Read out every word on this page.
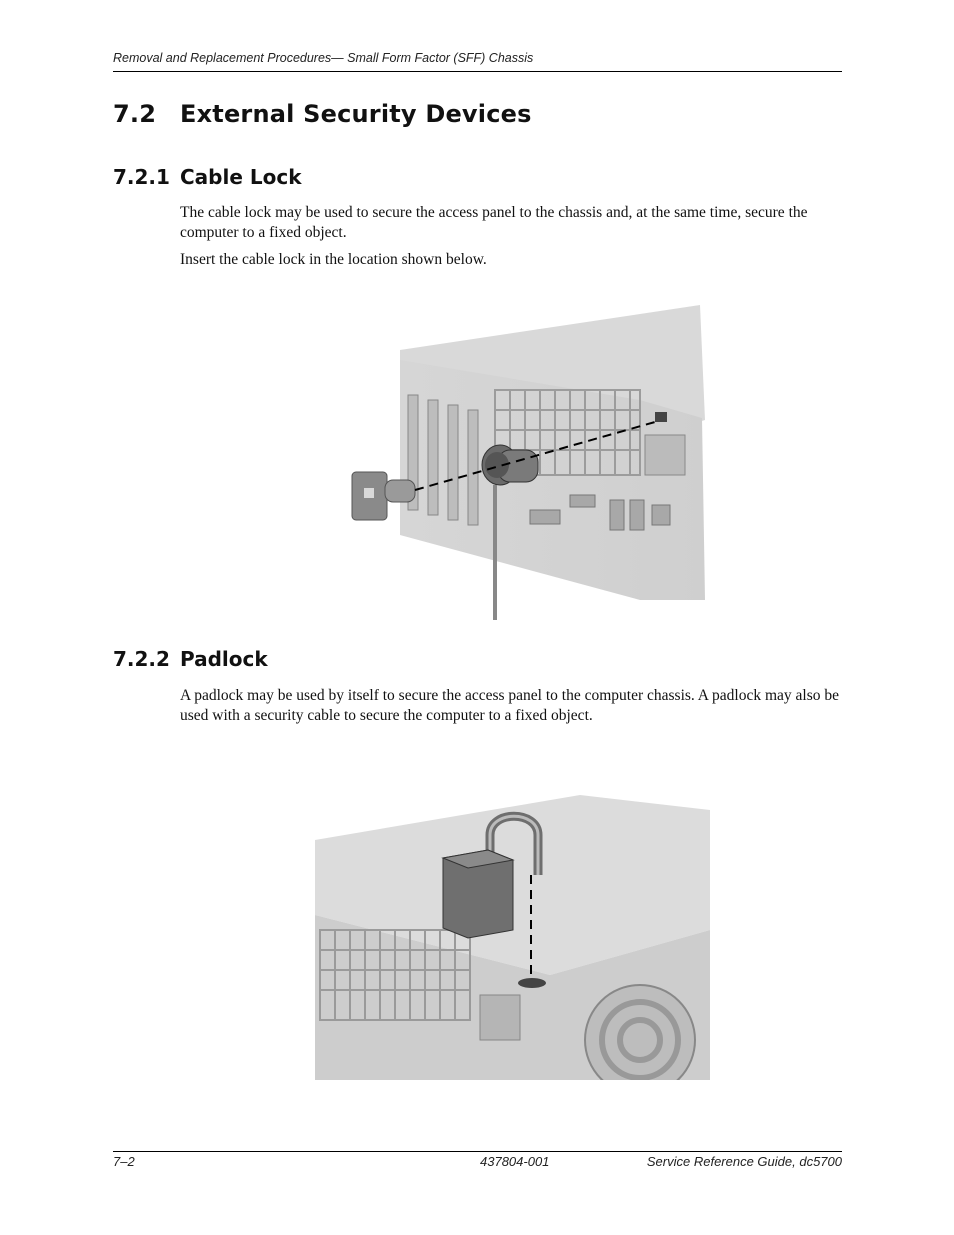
Removal and Replacement Procedures— Small Form Factor (SFF) Chassis
7.2 External Security Devices
7.2.1 Cable Lock
The cable lock may be used to secure the access panel to the chassis and, at the same time, secure the computer to a fixed object.
Insert the cable lock in the location shown below.
7.2.2 Padlock
A padlock may be used by itself to secure the access panel to the computer chassis. A padlock may also be used with a security cable to secure the computer to a fixed object.
7–2	437804-001	Service Reference Guide, dc5700
